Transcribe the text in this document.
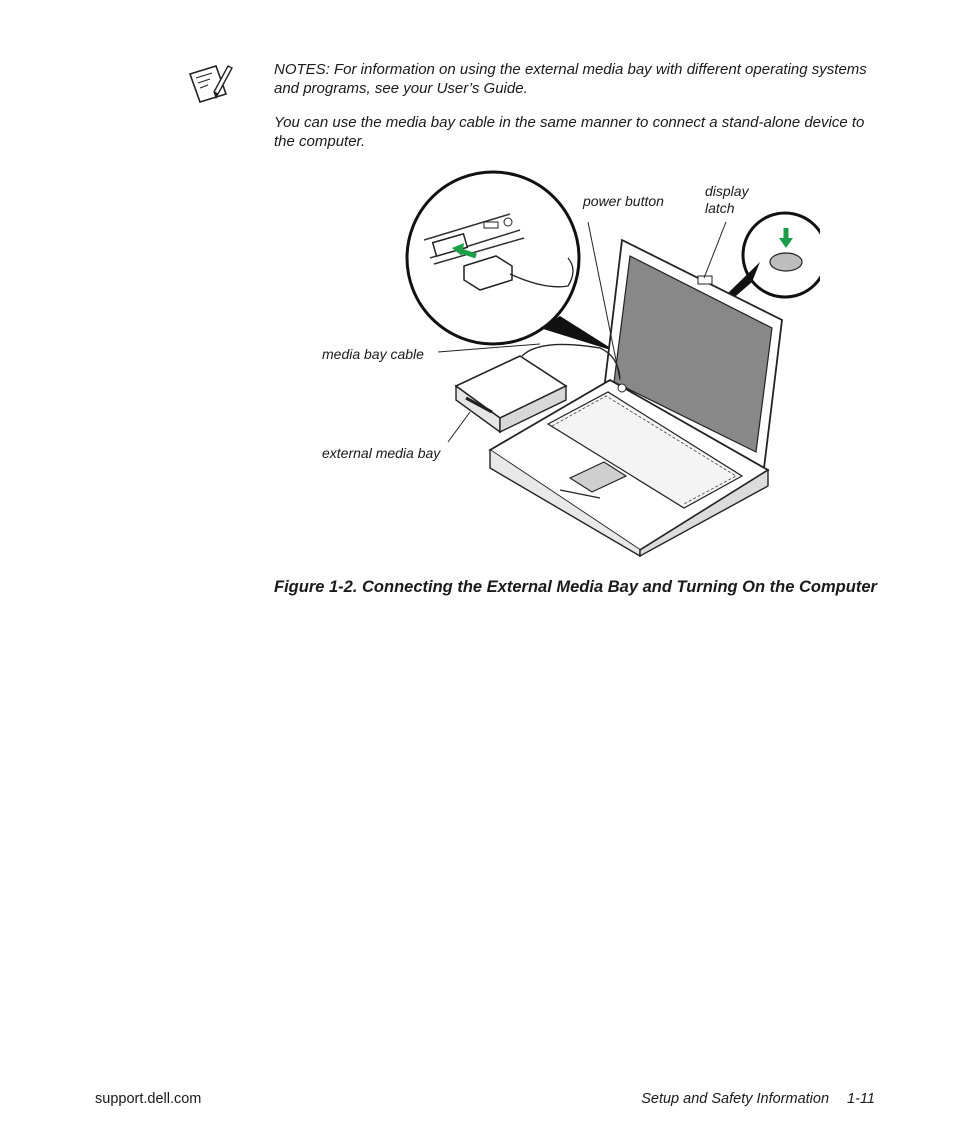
NOTES: For information on using the external media bay with different operating systems and programs, see your User’s Guide.
You can use the media bay cable in the same manner to connect a stand-alone device to the computer.
power button
display
latch
media bay cable
external media bay
Figure 1-2. Connecting the External Media Bay and Turning On the Computer
support.dell.com	Setup and Safety Information 1-11
